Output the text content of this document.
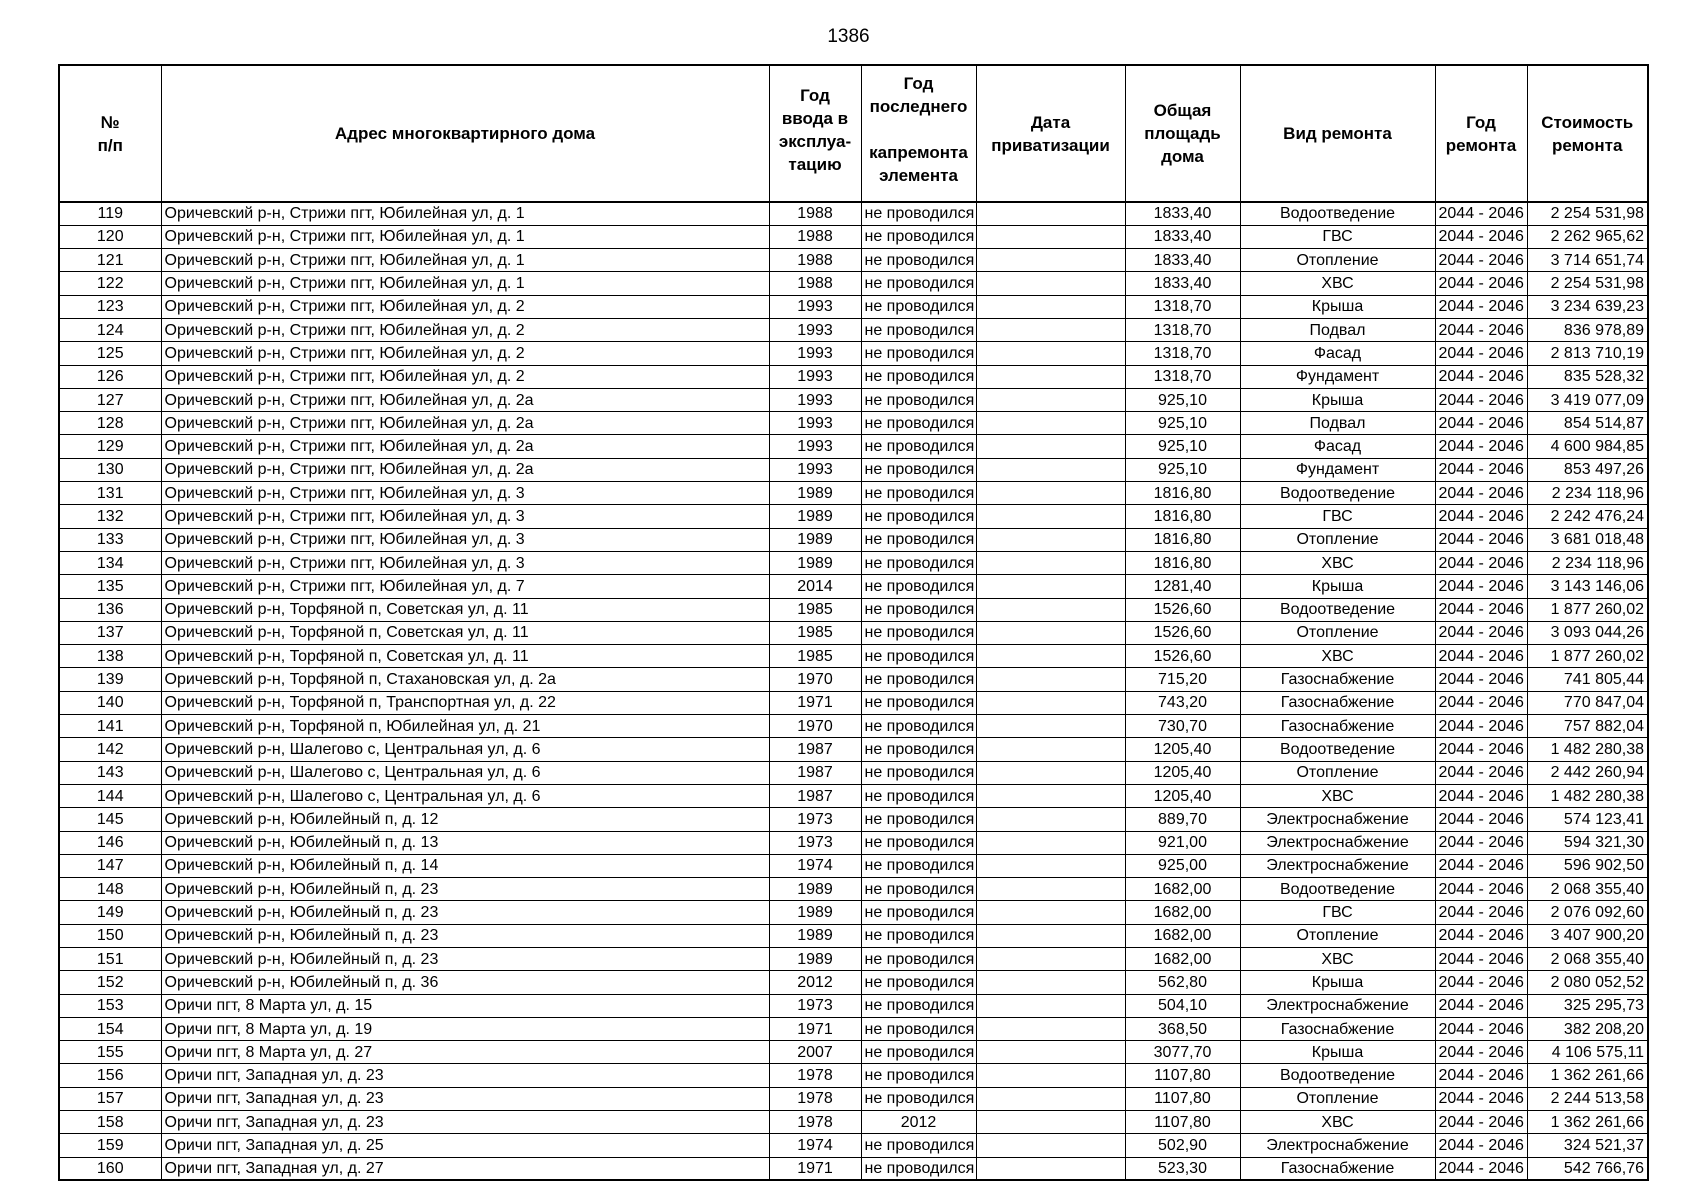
1386
№
п/п	Адрес многоквартирного дома	Год
ввода в
эксплуа-
тацию	Год
последнего
капремонта
элемента	Дата
приватизации	Общая
площадь
дома	Вид ремонта	Год
ремонта	Стоимость
ремонта

119	Оричевский р-н, Стрижи пгт, Юбилейная ул, д. 1	1988	не проводился		1833,40	Водоотведение	2044 - 2046	2 254 531,98
120	Оричевский р-н, Стрижи пгт, Юбилейная ул, д. 1	1988	не проводился		1833,40	ГВС	2044 - 2046	2 262 965,62
121	Оричевский р-н, Стрижи пгт, Юбилейная ул, д. 1	1988	не проводился		1833,40	Отопление	2044 - 2046	3 714 651,74
122	Оричевский р-н, Стрижи пгт, Юбилейная ул, д. 1	1988	не проводился		1833,40	ХВС	2044 - 2046	2 254 531,98
123	Оричевский р-н, Стрижи пгт, Юбилейная ул, д. 2	1993	не проводился		1318,70	Крыша	2044 - 2046	3 234 639,23
124	Оричевский р-н, Стрижи пгт, Юбилейная ул, д. 2	1993	не проводился		1318,70	Подвал	2044 - 2046	836 978,89
125	Оричевский р-н, Стрижи пгт, Юбилейная ул, д. 2	1993	не проводился		1318,70	Фасад	2044 - 2046	2 813 710,19
126	Оричевский р-н, Стрижи пгт, Юбилейная ул, д. 2	1993	не проводился		1318,70	Фундамент	2044 - 2046	835 528,32
127	Оричевский р-н, Стрижи пгт, Юбилейная ул, д. 2а	1993	не проводился		925,10	Крыша	2044 - 2046	3 419 077,09
128	Оричевский р-н, Стрижи пгт, Юбилейная ул, д. 2а	1993	не проводился		925,10	Подвал	2044 - 2046	854 514,87
129	Оричевский р-н, Стрижи пгт, Юбилейная ул, д. 2а	1993	не проводился		925,10	Фасад	2044 - 2046	4 600 984,85
130	Оричевский р-н, Стрижи пгт, Юбилейная ул, д. 2а	1993	не проводился		925,10	Фундамент	2044 - 2046	853 497,26
131	Оричевский р-н, Стрижи пгт, Юбилейная ул, д. 3	1989	не проводился		1816,80	Водоотведение	2044 - 2046	2 234 118,96
132	Оричевский р-н, Стрижи пгт, Юбилейная ул, д. 3	1989	не проводился		1816,80	ГВС	2044 - 2046	2 242 476,24
133	Оричевский р-н, Стрижи пгт, Юбилейная ул, д. 3	1989	не проводился		1816,80	Отопление	2044 - 2046	3 681 018,48
134	Оричевский р-н, Стрижи пгт, Юбилейная ул, д. 3	1989	не проводился		1816,80	ХВС	2044 - 2046	2 234 118,96
135	Оричевский р-н, Стрижи пгт, Юбилейная ул, д. 7	2014	не проводился		1281,40	Крыша	2044 - 2046	3 143 146,06
136	Оричевский р-н, Торфяной п, Советская ул, д. 11	1985	не проводился		1526,60	Водоотведение	2044 - 2046	1 877 260,02
137	Оричевский р-н, Торфяной п, Советская ул, д. 11	1985	не проводился		1526,60	Отопление	2044 - 2046	3 093 044,26
138	Оричевский р-н, Торфяной п, Советская ул, д. 11	1985	не проводился		1526,60	ХВС	2044 - 2046	1 877 260,02
139	Оричевский р-н, Торфяной п, Стахановская ул, д. 2а	1970	не проводился		715,20	Газоснабжение	2044 - 2046	741 805,44
140	Оричевский р-н, Торфяной п, Транспортная ул, д. 22	1971	не проводился		743,20	Газоснабжение	2044 - 2046	770 847,04
141	Оричевский р-н, Торфяной п, Юбилейная ул, д. 21	1970	не проводился		730,70	Газоснабжение	2044 - 2046	757 882,04
142	Оричевский р-н, Шалегово с, Центральная ул, д. 6	1987	не проводился		1205,40	Водоотведение	2044 - 2046	1 482 280,38
143	Оричевский р-н, Шалегово с, Центральная ул, д. 6	1987	не проводился		1205,40	Отопление	2044 - 2046	2 442 260,94
144	Оричевский р-н, Шалегово с, Центральная ул, д. 6	1987	не проводился		1205,40	ХВС	2044 - 2046	1 482 280,38
145	Оричевский р-н, Юбилейный п, д. 12	1973	не проводился		889,70	Электроснабжение	2044 - 2046	574 123,41
146	Оричевский р-н, Юбилейный п, д. 13	1973	не проводился		921,00	Электроснабжение	2044 - 2046	594 321,30
147	Оричевский р-н, Юбилейный п, д. 14	1974	не проводился		925,00	Электроснабжение	2044 - 2046	596 902,50
148	Оричевский р-н, Юбилейный п, д. 23	1989	не проводился		1682,00	Водоотведение	2044 - 2046	2 068 355,40
149	Оричевский р-н, Юбилейный п, д. 23	1989	не проводился		1682,00	ГВС	2044 - 2046	2 076 092,60
150	Оричевский р-н, Юбилейный п, д. 23	1989	не проводился		1682,00	Отопление	2044 - 2046	3 407 900,20
151	Оричевский р-н, Юбилейный п, д. 23	1989	не проводился		1682,00	ХВС	2044 - 2046	2 068 355,40
152	Оричевский р-н, Юбилейный п, д. 36	2012	не проводился		562,80	Крыша	2044 - 2046	2 080 052,52
153	Оричи пгт, 8 Марта ул, д. 15	1973	не проводился		504,10	Электроснабжение	2044 - 2046	325 295,73
154	Оричи пгт, 8 Марта ул, д. 19	1971	не проводился		368,50	Газоснабжение	2044 - 2046	382 208,20
155	Оричи пгт, 8 Марта ул, д. 27	2007	не проводился		3077,70	Крыша	2044 - 2046	4 106 575,11
156	Оричи пгт, Западная ул, д. 23	1978	не проводился		1107,80	Водоотведение	2044 - 2046	1 362 261,66
157	Оричи пгт, Западная ул, д. 23	1978	не проводился		1107,80	Отопление	2044 - 2046	2 244 513,58
158	Оричи пгт, Западная ул, д. 23	1978	2012		1107,80	ХВС	2044 - 2046	1 362 261,66
159	Оричи пгт, Западная ул, д. 25	1974	не проводился		502,90	Электроснабжение	2044 - 2046	324 521,37
160	Оричи пгт, Западная ул, д. 27	1971	не проводился		523,30	Газоснабжение	2044 - 2046	542 766,76
